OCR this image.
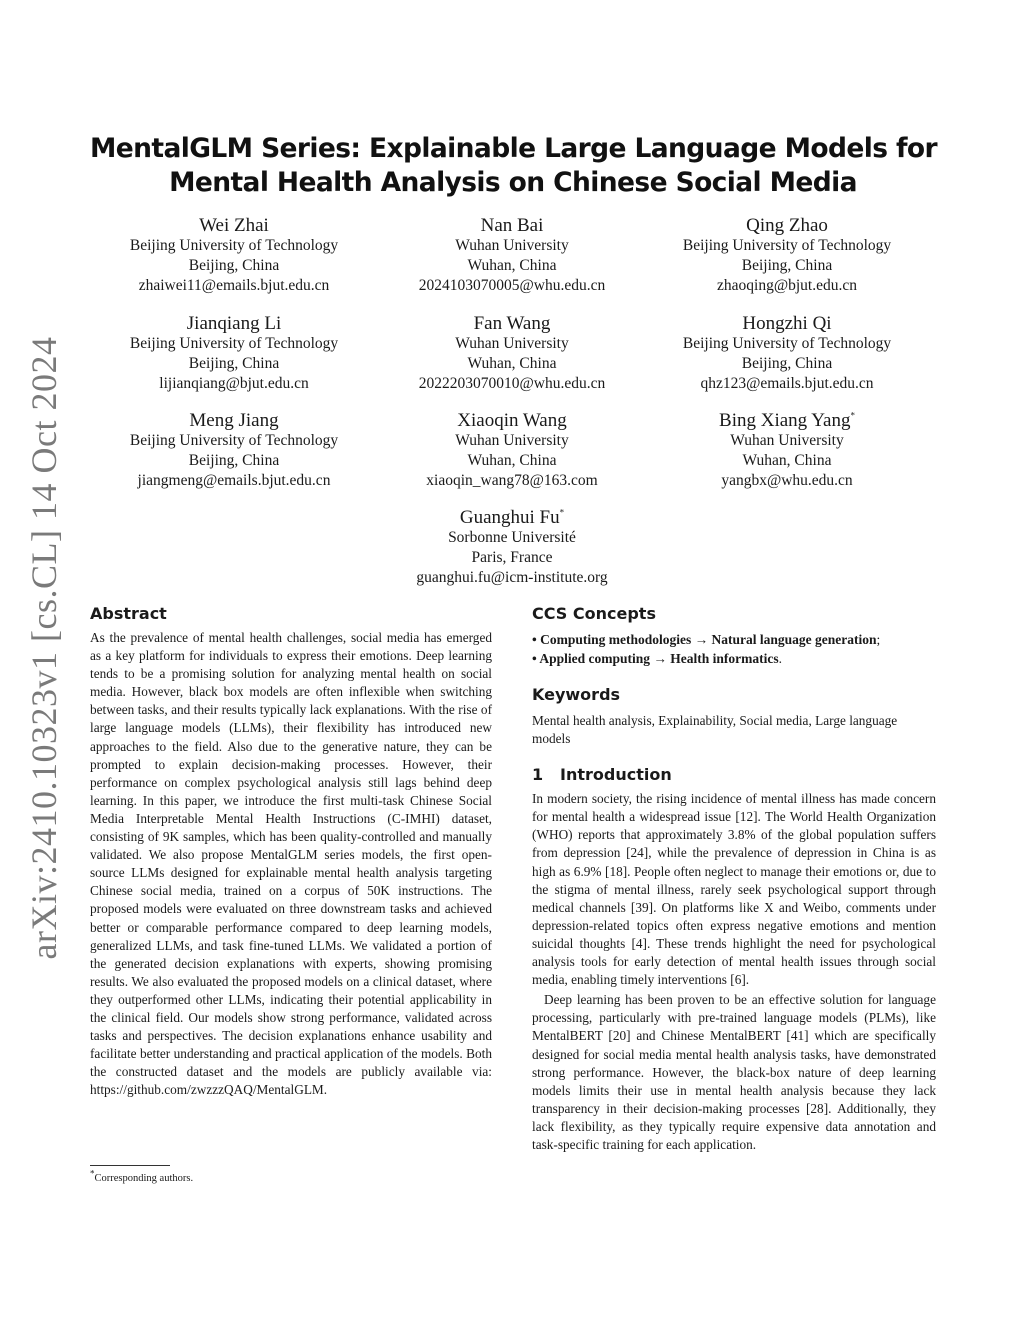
arXiv:2410.10323v1 [cs.CL] 14 Oct 2024
MentalGLM Series: Explainable Large Language Models for
Mental Health Analysis on Chinese Social Media
Wei Zhai
Beijing University of Technology
Beijing, China
zhaiwei11@emails.bjut.edu.cn
Nan Bai
Wuhan University
Wuhan, China
2024103070005@whu.edu.cn
Qing Zhao
Beijing University of Technology
Beijing, China
zhaoqing@bjut.edu.cn
Jianqiang Li
Beijing University of Technology
Beijing, China
lijianqiang@bjut.edu.cn
Fan Wang
Wuhan University
Wuhan, China
2022203070010@whu.edu.cn
Hongzhi Qi
Beijing University of Technology
Beijing, China
qhz123@emails.bjut.edu.cn
Meng Jiang
Beijing University of Technology
Beijing, China
jiangmeng@emails.bjut.edu.cn
Xiaoqin Wang
Wuhan University
Wuhan, China
xiaoqin_wang78@163.com
Bing Xiang Yang*
Wuhan University
Wuhan, China
yangbx@whu.edu.cn
Guanghui Fu*
Sorbonne Université
Paris, France
guanghui.fu@icm-institute.org
Abstract

As the prevalence of mental health challenges, social media has emerged as a key platform for individuals to express their emotions. Deep learning tends to be a promising solution for analyzing mental health on social media. However, black box models are often inflexible when switching between tasks, and their results typically lack explanations. With the rise of large language models (LLMs), their flexibility has introduced new approaches to the field. Also due to the generative nature, they can be prompted to explain decision-making processes. However, their performance on complex psychological analysis still lags behind deep learning. In this paper, we introduce the first multi-task Chinese Social Media Interpretable Mental Health Instructions (C-IMHI) dataset, consisting of 9K samples, which has been quality-controlled and manually validated. We also propose MentalGLM series models, the first open-source LLMs designed for explainable mental health analysis targeting Chinese social media, trained on a corpus of 50K instructions. The proposed models were evaluated on three downstream tasks and achieved better or comparable performance compared to deep learning models, generalized LLMs, and task fine-tuned LLMs. We validated a portion of the generated decision explanations with experts, showing promising results. We also evaluated the proposed models on a clinical dataset, where they outperformed other LLMs, indicating their potential applicability in the clinical field. Our models show strong performance, validated across tasks and perspectives. The decision explanations enhance usability and facilitate better understanding and practical application of the models. Both the constructed dataset and the models are publicly available via: https://github.com/zwzzzQAQ/MentalGLM.

CCS Concepts

• Computing methodologies → Natural language generation;

• Applied computing → Health informatics.

Keywords

Mental health analysis, Explainability, Social media, Large language models

1 Introduction

In modern society, the rising incidence of mental illness has made concern for mental health a widespread issue [12]. The World Health Organization (WHO) reports that approximately 3.8% of the global population suffers from depression [24], while the prevalence of depression in China is as high as 6.9% [18]. People often neglect to manage their emotions or, due to the stigma of mental illness, rarely seek psychological support through medical channels [39]. On platforms like X and Weibo, comments under depression-related topics often express negative emotions and mention suicidal thoughts [4]. These trends highlight the need for psychological analysis tools for early detection of mental health issues through social media, enabling timely interventions [6].

Deep learning has been proven to be an effective solution for language processing, particularly with pre-trained language models (PLMs), like MentalBERT [20] and Chinese MentalBERT [41] which are specifically designed for social media mental health analysis tasks, have demonstrated strong performance. However, the black-box nature of deep learning models limits their use in mental health analysis because they lack transparency in their decision-making processes [28]. Additionally, they lack flexibility, as they typically require expensive data annotation and task-specific training for each application.

*Corresponding authors.
